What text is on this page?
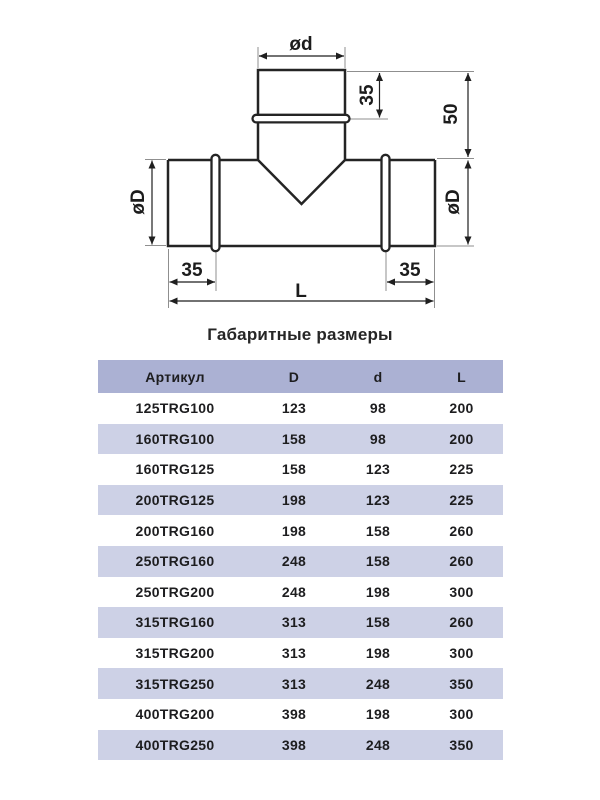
ød
35
50
øD
øD
35	35
L
Габаритные размеры
Артикул	D	d	L
125TRG100	123	98	200
160TRG100	158	98	200
160TRG125	158	123	225
200TRG125	198	123	225
200TRG160	198	158	260
250TRG160	248	158	260
250TRG200	248	198	300
315TRG160	313	158	260
315TRG200	313	198	300
315TRG250	313	248	350
400TRG200	398	198	300
400TRG250	398	248	350
